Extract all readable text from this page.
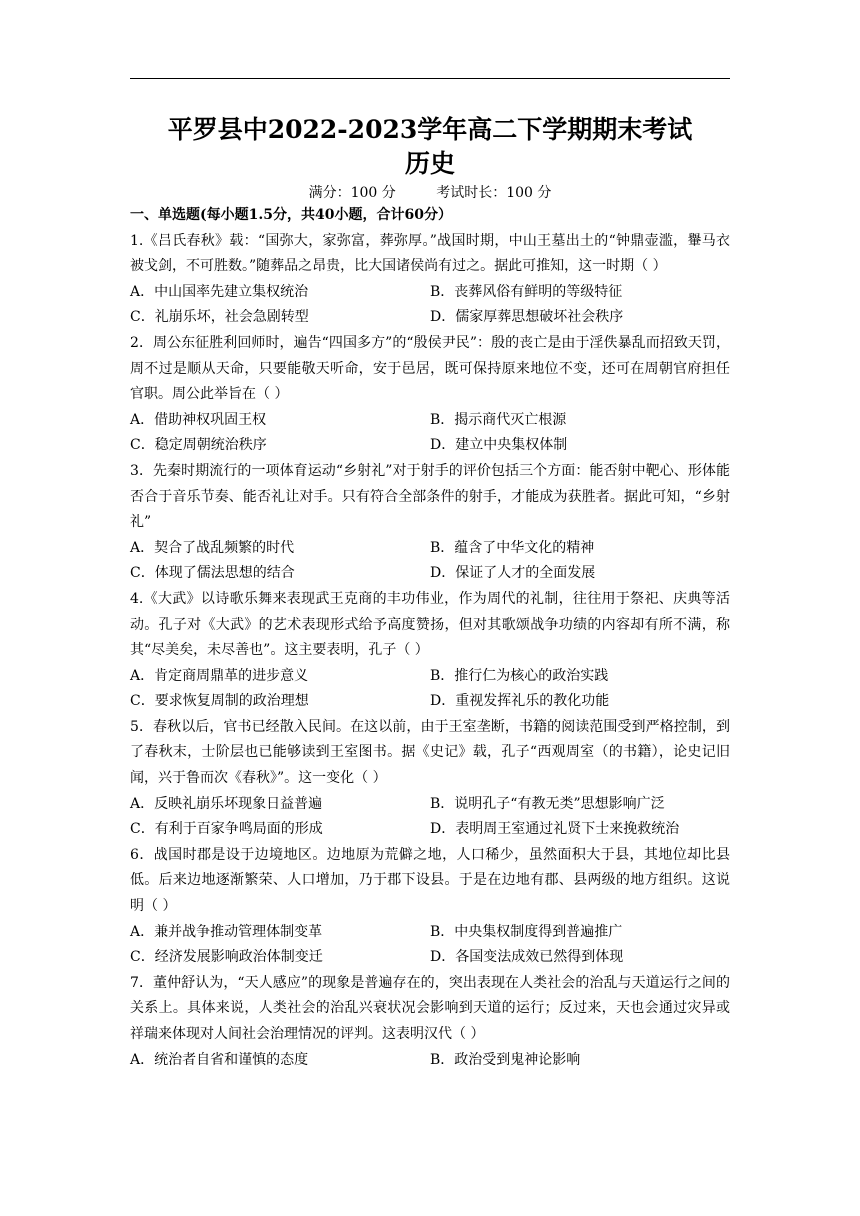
平罗县中2022-2023学年高二下学期期末考试
历史
满分：100 分	考试时长：100 分
一、单选题(每小题1.5分，共40小题，合计60分）

1.《吕氏春秋》载：“国弥大，家弥富，葬弥厚。”战国时期，中山王墓出土的“钟鼎壶滥，轝马衣被戈剑，不可胜数。”随葬品之昂贵，比大国诸侯尚有过之。据此可推知，这一时期（ ）

A．中山国率先建立集权统治	B．丧葬风俗有鲜明的等级特征
C．礼崩乐坏，社会急剧转型	D．儒家厚葬思想破坏社会秩序

2．周公东征胜利回师时，遍告“四国多方”的“殷侯尹民”：殷的丧亡是由于淫佚暴乱而招致天罚，周不过是顺从天命，只要能敬天听命，安于邑居，既可保持原来地位不变，还可在周朝官府担任官职。周公此举旨在（ ）

A．借助神权巩固王权	B．揭示商代灭亡根源
C．稳定周朝统治秩序	D．建立中央集权体制

3．先秦时期流行的一项体育运动“乡射礼”对于射手的评价包括三个方面：能否射中靶心、形体能否合于音乐节奏、能否礼让对手。只有符合全部条件的射手，才能成为获胜者。据此可知，“乡射礼”

A．契合了战乱频繁的时代	B．蕴含了中华文化的精神
C．体现了儒法思想的结合	D．保证了人才的全面发展

4.《大武》以诗歌乐舞来表现武王克商的丰功伟业，作为周代的礼制，往往用于祭祀、庆典等活动。孔子对《大武》的艺术表现形式给予高度赞扬，但对其歌颂战争功绩的内容却有所不满，称其“尽美矣，未尽善也”。这主要表明，孔子（ ）

A．肯定商周鼎革的进步意义	B．推行仁为核心的政治实践
C．要求恢复周制的政治理想	D．重视发挥礼乐的教化功能

5．春秋以后，官书已经散入民间。在这以前，由于王室垄断，书籍的阅读范围受到严格控制，到了春秋末，士阶层也已能够读到王室图书。据《史记》载，孔子“西观周室（的书籍），论史记旧闻，兴于鲁而次《春秋》”。这一变化（ ）

A．反映礼崩乐坏现象日益普遍	B．说明孔子“有教无类”思想影响广泛
C．有利于百家争鸣局面的形成	D．表明周王室通过礼贤下士来挽救统治

6．战国时郡是设于边境地区。边地原为荒僻之地，人口稀少，虽然面积大于县，其地位却比县低。后来边地逐渐繁荣、人口增加，乃于郡下设县。于是在边地有郡、县两级的地方组织。这说明（ ）

A．兼并战争推动管理体制变革	B．中央集权制度得到普遍推广
C．经济发展影响政治体制变迁	D．各国变法成效已然得到体现

7．董仲舒认为，“天人感应”的现象是普遍存在的，突出表现在人类社会的治乱与天道运行之间的关系上。具体来说，人类社会的治乱兴衰状况会影响到天道的运行；反过来，天也会通过灾异或祥瑞来体现对人间社会治理情况的评判。这表明汉代（ ）

A．统治者自省和谨慎的态度	B．政治受到鬼神论影响
